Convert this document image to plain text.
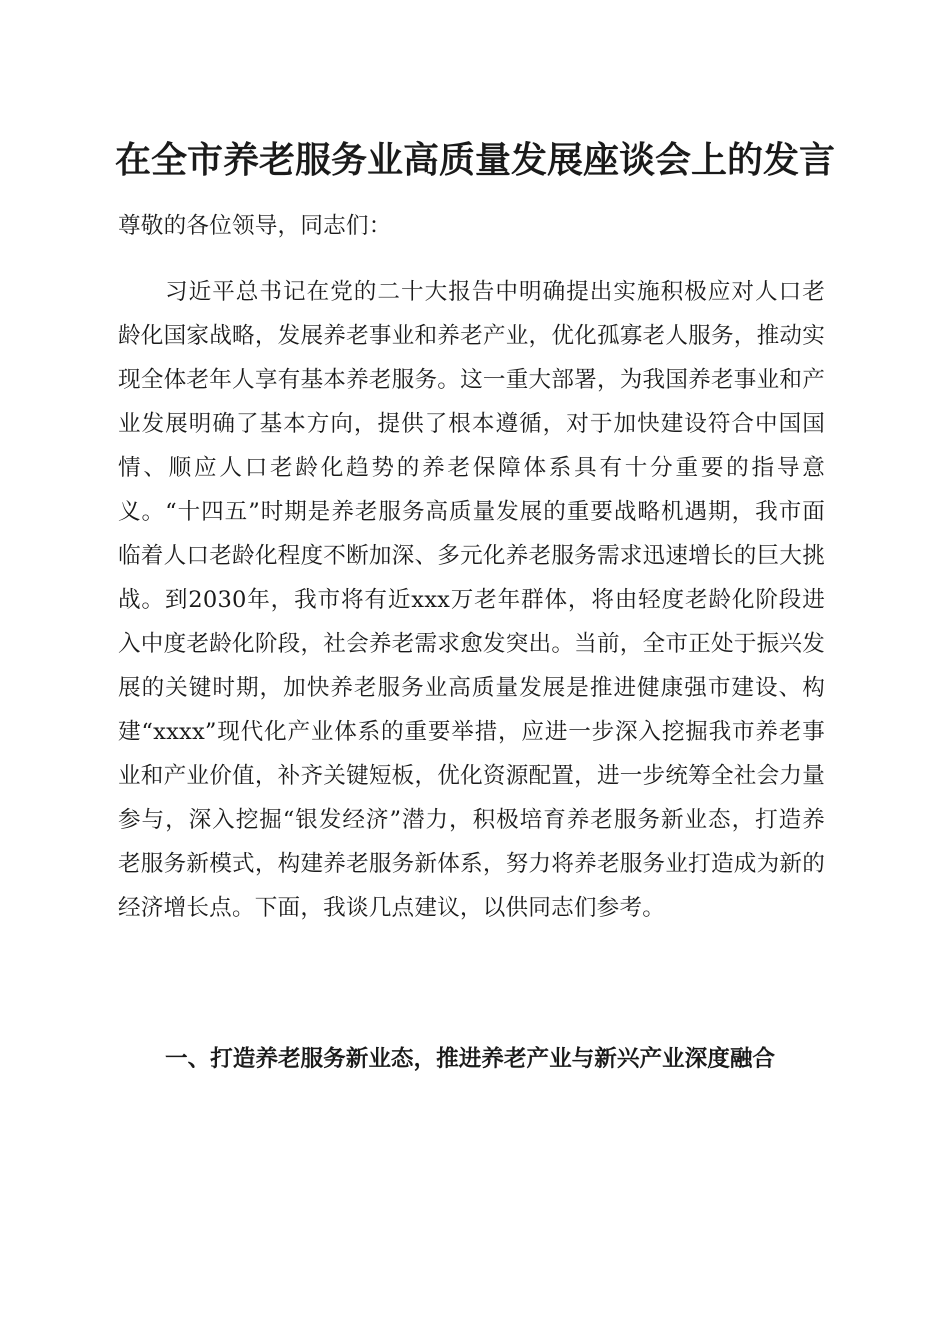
在全市养老服务业高质量发展座谈会上的发言
尊敬的各位领导，同志们：
习近平总书记在党的二十大报告中明确提出实施积极应对人口老龄化国家战略，发展养老事业和养老产业，优化孤寡老人服务，推动实现全体老年人享有基本养老服务。这一重大部署，为我国养老事业和产业发展明确了基本方向，提供了根本遵循，对于加快建设符合中国国情、顺应人口老龄化趋势的养老保障体系具有十分重要的指导意义。“十四五”时期是养老服务高质量发展的重要战略机遇期，我市面临着人口老龄化程度不断加深、多元化养老服务需求迅速增长的巨大挑战。到2030年，我市将有近xxx万老年群体，将由轻度老龄化阶段进入中度老龄化阶段，社会养老需求愈发突出。当前，全市正处于振兴发展的关键时期，加快养老服务业高质量发展是推进健康强市建设、构建“xxxx”现代化产业体系的重要举措，应进一步深入挖掘我市养老事业和产业价值，补齐关键短板，优化资源配置，进一步统筹全社会力量参与，深入挖掘“银发经济”潜力，积极培育养老服务新业态，打造养老服务新模式，构建养老服务新体系，努力将养老服务业打造成为新的经济增长点。下面，我谈几点建议，以供同志们参考。
一、打造养老服务新业态，推进养老产业与新兴产业深度融合
